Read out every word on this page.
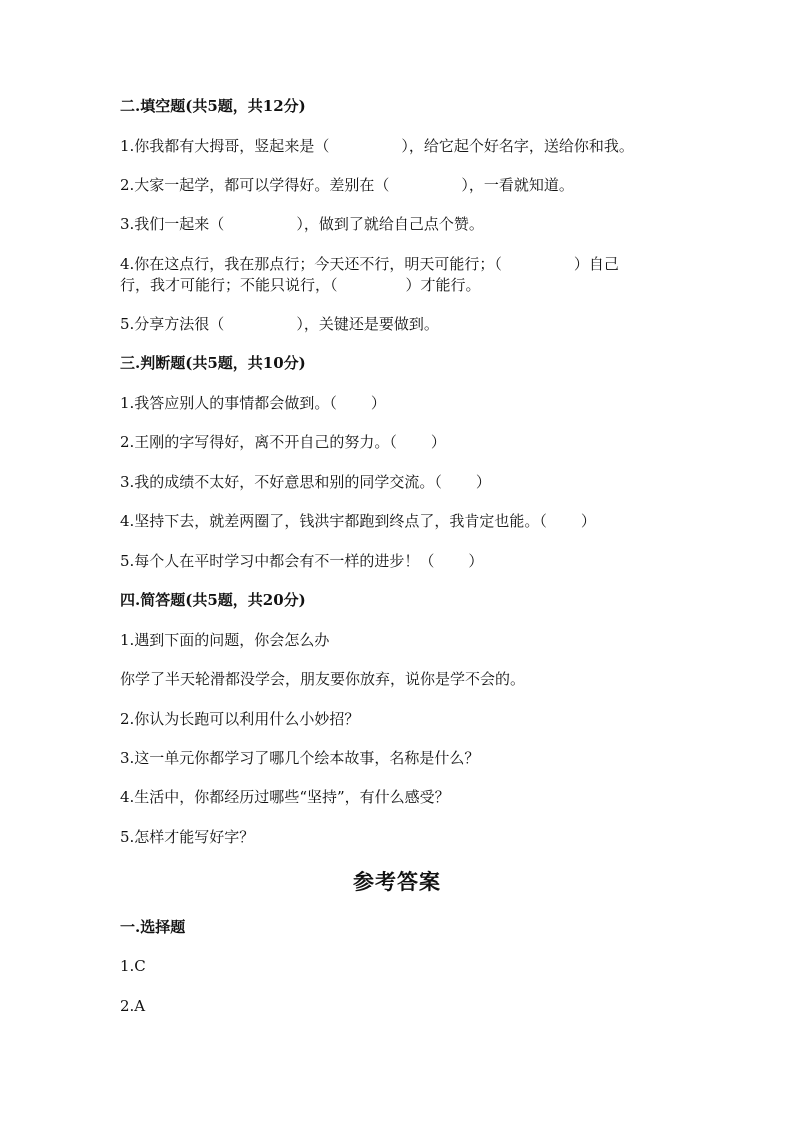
二.填空题(共5题，共12分)
1.你我都有大拇哥，竖起来是（	），给它起个好名字，送给你和我。
2.大家一起学，都可以学得好。差别在（	），一看就知道。
3.我们一起来（	），做到了就给自己点个赞。
4.你在这点行，我在那点行；今天还不行，明天可能行；（	）自己
行，我才可能行；不能只说行，（	）才能行。
5.分享方法很（	），关键还是要做到。
三.判断题(共5题，共10分)
1.我答应别人的事情都会做到。（ ）
2.王刚的字写得好，离不开自己的努力。（ ）
3.我的成绩不太好，不好意思和别的同学交流。（ ）
4.坚持下去，就差两圈了，钱洪宇都跑到终点了，我肯定也能。（ ）
5.每个人在平时学习中都会有不一样的进步！（ ）
四.简答题(共5题，共20分)
1.遇到下面的问题，你会怎么办
你学了半天轮滑都没学会，朋友要你放弃，说你是学不会的。
2.你认为长跑可以利用什么小妙招？
3.这一单元你都学习了哪几个绘本故事，名称是什么？
4.生活中，你都经历过哪些“坚持”，有什么感受？
5.怎样才能写好字？
参考答案
一.选择题
1.C
2.A
